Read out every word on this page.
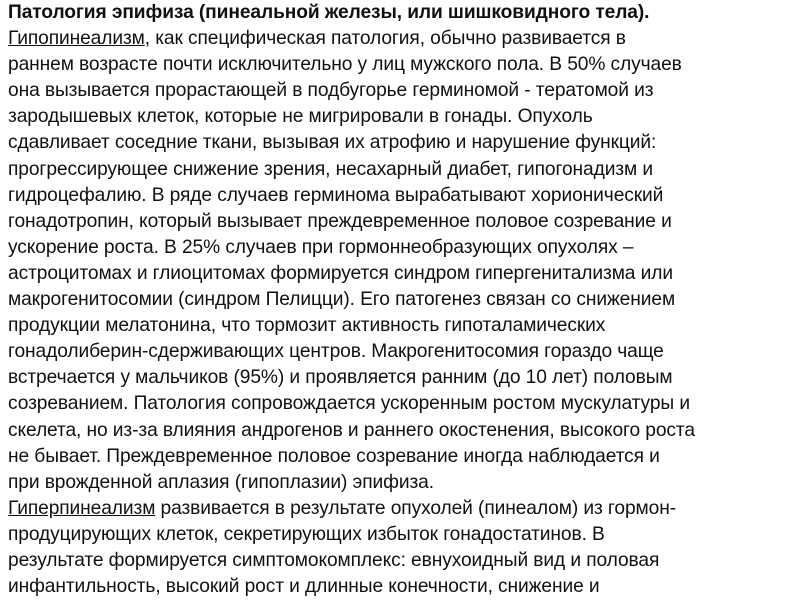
Патология эпифиза (пинеальной железы, или шишковидного тела).
Гипопинеализм, как специфическая патология, обычно развивается в
раннем возрасте почти исключительно у лиц мужского пола. В 50% случаев
она вызывается прорастающей в подбугорье герминомой - тератомой из
зародышевых клеток, которые не мигрировали в гонады. Опухоль
сдавливает соседние ткани, вызывая их атрофию и нарушение функций:
прогрессирующее снижение зрения, несахарный диабет, гипогонадизм и
гидроцефалию. В ряде случаев герминома вырабатывают хорионический
гонадотропин, который вызывает преждевременное половое созревание и
ускорение роста. В 25% случаев при гормоннеобразующих опухолях –
астроцитомах и глиоцитомах формируется синдром гипергенитализма или
макрогенитосомии (синдром Пелицци). Его патогенез связан со снижением
продукции мелатонина, что тормозит активность гипоталамических
гонадолиберин-сдерживающих центров. Макрогенитосомия гораздо чаще
встречается у мальчиков (95%) и проявляется ранним (до 10 лет) половым
созреванием. Патология сопровождается ускоренным ростом мускулатуры и
скелета, но из-за влияния андрогенов и раннего окостенения, высокого роста
не бывает. Преждевременное половое созревание иногда наблюдается и
при врожденной аплазия (гипоплазии) эпифиза.
Гиперпинеализм развивается в результате опухолей (пинеалом) из гормон-
продуцирующих клеток, секретирующих избыток гонадостатинов. В
результате формируется симптомокомплекс: евнухоидный вид и половая
инфантильность, высокий рост и длинные конечности, снижение и
